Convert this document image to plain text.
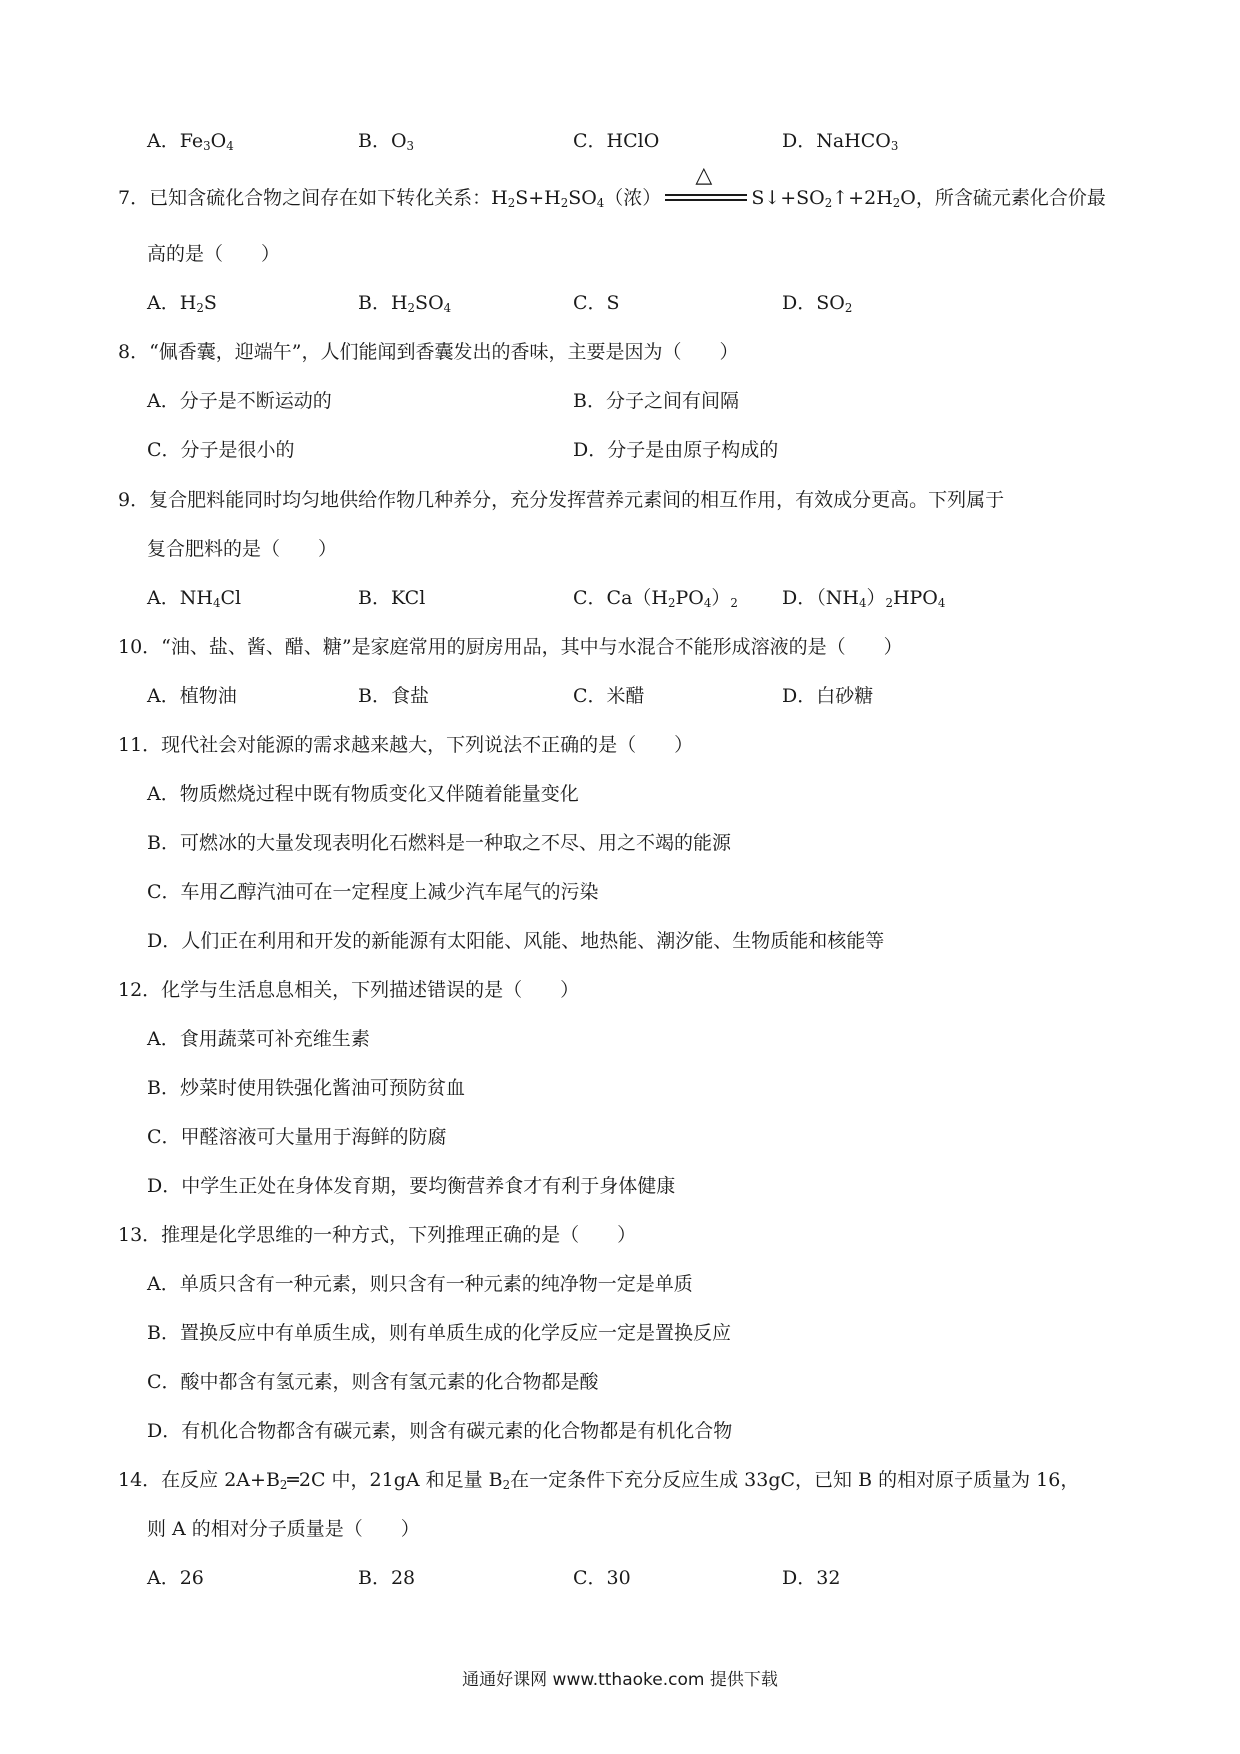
A．$Fe_3O_4$	B．$O_3$	C．HClO	D．NaHCO$_3$
7．已知含硫化合物之间存在如下转化关系：$H_2S+H_2SO_4$（浓）
△
$S↓+SO_2↑+2H_2O$，所含硫元素化合价最
高的是（　　）
A．$H_2S$	B．$H_2SO_4$	C．S	D．$SO_2$
8．“佩香囊，迎端午”，人们能闻到香囊发出的香味，主要是因为（　　）
A．分子是不断运动的	B．分子之间有间隔
C．分子是很小的	D．分子是由原子构成的
9．复合肥料能同时均匀地供给作物几种养分，充分发挥营养元素间的相互作用，有效成分更高。下列属于
复合肥料的是（　　）
A．$NH_4Cl$	B．KCl	C．$Ca(H_2PO_4)_2$ D．$(NH_4)_2HPO_4$
10．“油、盐、酱、醋、糖”是家庭常用的厨房用品，其中与水混合不能形成溶液的是（　　）
A．植物油	B．食盐	C．米醋	D．白砂糖
11．现代社会对能源的需求越来越大，下列说法不正确的是（　　）
A．物质燃烧过程中既有物质变化又伴随着能量变化
B．可燃冰的大量发现表明化石燃料是一种取之不尽、用之不竭的能源
C．车用乙醇汽油可在一定程度上减少汽车尾气的污染
D．人们正在利用和开发的新能源有太阳能、风能、地热能、潮汐能、生物质能和核能等
12．化学与生活息息相关，下列描述错误的是（　　）
A．食用蔬菜可补充维生素
B．炒菜时使用铁强化酱油可预防贫血
C．甲醛溶液可大量用于海鲜的防腐
D．中学生正处在身体发育期，要均衡营养食才有利于身体健康
13．推理是化学思维的一种方式，下列推理正确的是（　　）
A．单质只含有一种元素，则只含有一种元素的纯净物一定是单质
B．置换反应中有单质生成，则有单质生成的化学反应一定是置换反应
C．酸中都含有氢元素，则含有氢元素的化合物都是酸
D．有机化合物都含有碳元素，则含有碳元素的化合物都是有机化合物
14．在反应 $2A+B_2═2C$ 中，21gA 和足量 $B_2$在一定条件下充分反应生成 33gC，已知 B 的相对原子质量为 16，
则 A 的相对分子质量是（　　）
A．26	B．28	C．30	D．32
通通好课网 www.tthaoke.com 提供下载
